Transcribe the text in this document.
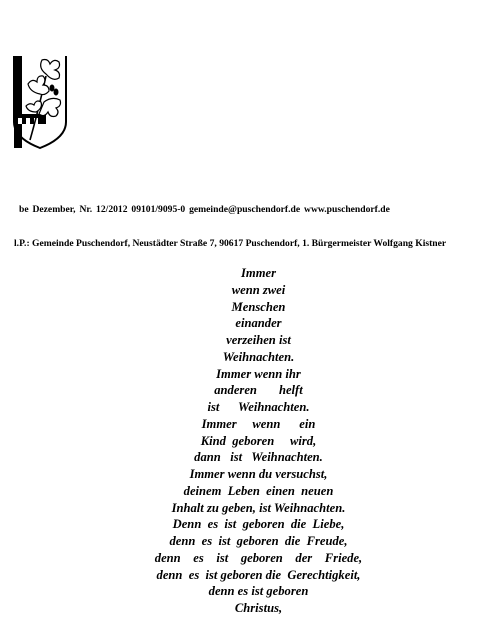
be Dezember, Nr. 12/2012 09101/9095-0 gemeinde@puschendorf.de www.puschendorf.de
l.P.: Gemeinde Puschendorf, Neustädter Straße 7, 90617 Puschendorf, 1. Bürgermeister Wolfgang Kistner
Immer
wenn zwei
Menschen
einander
verzeihen ist
Weihnachten.
Immer wenn ihr
anderen       helft
ist      Weihnachten.
Immer     wenn      ein
Kind  geboren     wird,
dann   ist   Weihnachten.
Immer wenn du versuchst,
deinem  Leben  einen  neuen
Inhalt zu geben, ist Weihnachten.
Denn  es  ist  geboren  die  Liebe,
denn  es  ist  geboren  die  Freude,
denn    es    ist    geboren    der    Friede,
denn  es  ist geboren die  Gerechtigkeit,
denn es ist geboren
Christus,
